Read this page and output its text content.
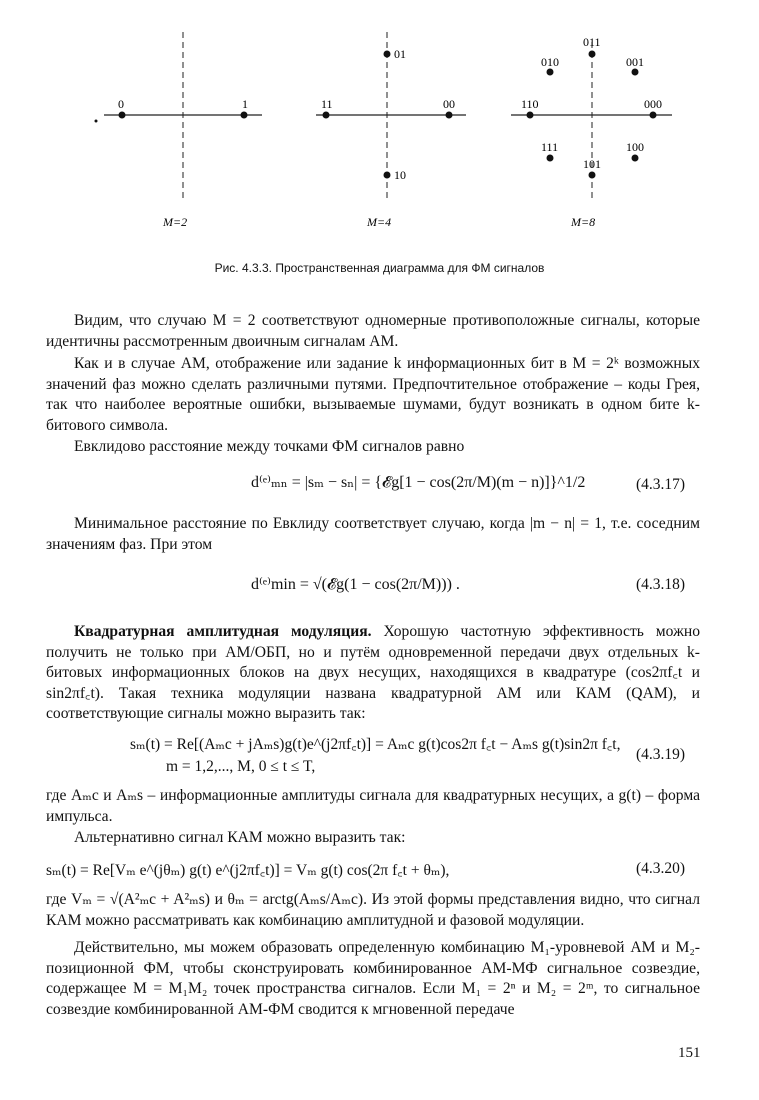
0	1
M=2
01
11	00
10
M=4
011
010	001
110	000
111	100
101
M=8
Рис. 4.3.3. Пространственная диаграмма для ФМ сигналов
Видим, что случаю M = 2 соответствуют одномерные противоположные сигналы, которые идентичны рассмотренным двоичным сигналам АМ.
Как и в случае АМ, отображение или задание k информационных бит в M = 2ᵏ возможных значений фаз можно сделать различными путями. Предпочтительное отображение – коды Грея, так что наиболее вероятные ошибки, вызываемые шумами, будут возникать в одном бите k-битового символа.
Евклидово расстояние между точками ФМ сигналов равно
d⁽ᵉ⁾ₘₙ = |sₘ − sₙ| = {𝓔g[1 − cos(2π/M)(m − n)]}^1/2	(4.3.17)
Минимальное расстояние по Евклиду соответствует случаю, когда |m − n| = 1, т.е. соседним значениям фаз. При этом
d⁽ᵉ⁾min = √(𝓔g(1 − cos(2π/M))) .	(4.3.18)
Квадратурная амплитудная модуляция. Хорошую частотную эффективность можно получить не только при АМ/ОБП, но и путём одновременной передачи двух отдельных k-битовых информационных блоков на двух несущих, находящихся в квадратуре (cos2πf꜀t и sin2πf꜀t). Такая техника модуляции названа квадратурной АМ или КАМ (QAM), и соответствующие сигналы можно выразить так:
sₘ(t) = Re[(Aₘc + jAₘs)g(t)e^(j2πf꜀t)] = Aₘc g(t)cos2π f꜀t − Aₘs g(t)sin2π f꜀t,
m = 1,2,..., M, 0 ≤ t ≤ T,
(4.3.19)
где Aₘc и Aₘs – информационные амплитуды сигнала для квадратурных несущих, а g(t) – форма импульса.
Альтернативно сигнал КАМ можно выразить так:
sₘ(t) = Re[Vₘ e^(jθₘ) g(t) e^(j2πf꜀t)] = Vₘ g(t) cos(2π f꜀t + θₘ),	(4.3.20)
где Vₘ = √(A²ₘc + A²ₘs) и θₘ = arctg(Aₘs/Aₘc). Из этой формы представления видно, что сигнал КАМ можно рассматривать как комбинацию амплитудной и фазовой модуляции.
Действительно, мы можем образовать определенную комбинацию M₁-уровневой АМ и M₂-позиционной ФМ, чтобы сконструировать комбинированное АМ-МФ сигнальное созвездие, содержащее M = M₁M₂ точек пространства сигналов. Если M₁ = 2ⁿ и M₂ = 2ᵐ, то сигнальное созвездие комбинированной АМ-ФМ сводится к мгновенной передаче
151
